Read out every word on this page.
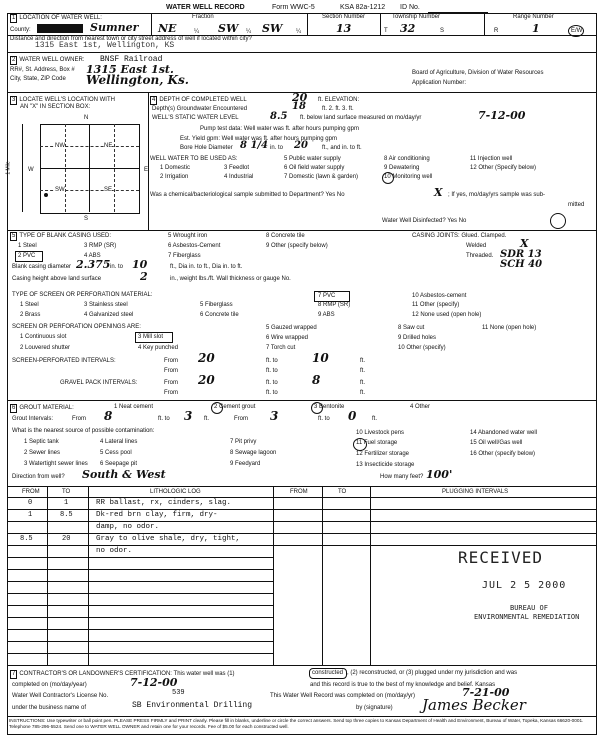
WATER WELL RECORD	Form WWC-5	KSA 82a-1212 ID No.
1 LOCATION OF WATER WELL:
County:	Sumner
Fraction
NE	¼ SW ¼ SW ¼
Section Number
13
Township Number
T 32	S
Range Number
R	1	E/W
Distance and direction from nearest town or city street address of well if located within city?
1315 East 1st, Wellington, KS
2 WATER WELL OWNER: BNSF Railroad
RR#, St. Address, Box # 1315 East 1st.
City, State, ZIP Code Wellington, Ks.	Board of Agriculture, Division of Water Resources
Application Number:
3 LOCATE WELL'S LOCATION WITH
AN "X" IN SECTION BOX:
N
S
W	E
1 Mile
NW	NE
SW	SE
4 DEPTH OF COMPLETED WELL	20 ft. ELEVATION:
Depth(s) Groundwater Encountered	18	ft. 2. ft. 3. ft.
WELL'S STATIC WATER LEVEL	8.5 ft. below land surface measured on mo/day/yr	7-12-00
Pump test data: Well water was ft. after hours pumping gpm
Est. Yield gpm: Well water was ft. after hours pumping gpm
Bore Hole Diameter 8 1/4 in. to 20 ft., and in. to ft.
WELL WATER TO BE USED AS:
1 Domestic	3 Feedlot
2 Irrigation	4 Industrial
5 Public water supply
6 Oil field water supply
7 Domestic (lawn & garden)
8 Air conditioning
9 Dewatering
10 Monitoring well
11 Injection well
12 Other (Specify below)
Was a chemical/bacteriological sample submitted to Department? Yes No	X ; If yes, mo/day/yrs sample was sub-
mitted
Water Well Disinfected? Yes No
5 TYPE OF BLANK CASING USED:
1 Steel	3 RMP (SR)
2 PVC	4 ABS
5 Wrought iron
6 Asbestos-Cement
7 Fiberglass
8 Concrete tile
9 Other (specify below)
CASING JOINTS: Glued. Clamped.
Welded	X
Threaded. SDR 13
Blank casing diameter 2.375 in. to 10	ft., Dia in. to ft., Dia in. to ft.	SCH 40
Casing height above land surface	2	in., weight lbs./ft. Wall thickness or gauge No.
TYPE OF SCREEN OR PERFORATION MATERIAL:
1 Steel	3 Stainless steel	5 Fiberglass
7 PVC	10 Asbestos-cement
2 Brass	4 Galvanized steel	6 Concrete tile
8 RMP (SR)
9 ABS
11 Other (specify)
12 None used (open hole)
SCREEN OR PERFORATION OPENINGS ARE:
1 Continuous slot	3 Mill slot
5 Gauzed wrapped
6 Wire wrapped
7 Torch cut
8 Saw cut
9 Drilled holes
10 Other (specify)
11 None (open hole)
2 Louvered shutter	4 Key punched
SCREEN-PERFORATED INTERVALS:	From 20	ft. to	10	ft.
From	ft. to	ft.
GRAVEL PACK INTERVALS:	From 20	ft. to	8	ft.
From	ft. to	ft.
6 GROUT MATERIAL:	1 Neat cement	2 Cement grout	3 Bentonite	4 Other
Grout Intervals:	From 8	ft. to 3 ft.	From 3	ft. to 0	ft.
What is the nearest source of possible contamination:
1 Septic tank	4 Lateral lines	7 Pit privy
10 Livestock pens	14 Abandoned water well
2 Sewer lines	5 Cess pool	8 Sewage lagoon
11 Fuel storage	15 Oil well/Gas well
3 Watertight sewer lines 6 Seepage pit	9 Feedyard
12 Fertilizer storage
13 Insecticide storage
16 Other (specify below)
Direction from well? South & West	How many feet? 100'
FROM	TO	LITHOLOGIC LOG	FROM	TO	PLUGGING INTERVALS
0	1	RR ballast, rx, cinders, slag.
1	8.5	Dk-red brn clay, firm, dry-
damp, no odor.
8.5	20	Gray to olive shale, dry, tight,
no odor.	RECEIVED
JUL 2 5 2000
BUREAU OF
ENVIRONMENTAL REMEDIATION
7 CONTRACTOR'S OR LANDOWNER'S CERTIFICATION: This water well was (1)	constructed , (2) reconstructed, or (3) plugged under my jurisdiction and was
completed on (mo/day/year)	7-12-00	and this record is true to the best of my knowledge and belief. Kansas
Water Well Contractor's License No.	539	This Water Well Record was completed on (mo/day/yr)	7-21-00
under the business name of	SB Environmental Drilling	by (signature) James Becker
INSTRUCTIONS: Use typewriter or ball point pen. PLEASE PRESS FIRMLY and PRINT clearly. Please fill in blanks, underline or circle the correct answers. Send top three copies to Kansas Department of Health and Environment, Bureau of Water, Topeka, Kansas 66620-0001. Telephone 785-296-5524. Send one to WATER WELL OWNER and retain one for your records. Fee of $5.00 for each constructed well.
